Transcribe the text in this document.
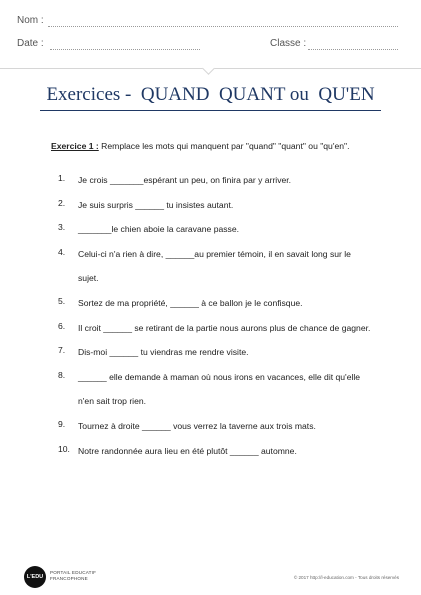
Nom :
Date :	Classe :
Exercices -  QUAND  QUANT ou  QU'EN
Exercice 1 : Remplace les mots qui manquent par "quand" "quant" ou "qu'en".
1. Je crois _______espérant un peu, on finira par y arriver.
2. Je suis surpris ______ tu insistes autant.
3. _______le chien aboie la caravane passe.
4. Celui-ci n'a rien à dire, ______au premier témoin, il en savait long sur le
sujet.
5. Sortez de ma propriété, ______ à ce ballon je le confisque.
6. Il croit ______ se retirant de la partie nous aurons plus de chance de gagner.
7. Dis-moi ______ tu viendras me rendre visite.
8. ______ elle demande à maman où nous irons en vacances, elle dit qu'elle
n'en sait trop rien.
9. Tournez à droite ______ vous verrez la taverne aux trois mats.
10. Notre randonnée aura lieu en été plutôt ______ automne.
L'EDU
PORTAIL EDUCATIF
FRANCOPHONE	© 2017 http://l-education.com - Tous droits réservés
